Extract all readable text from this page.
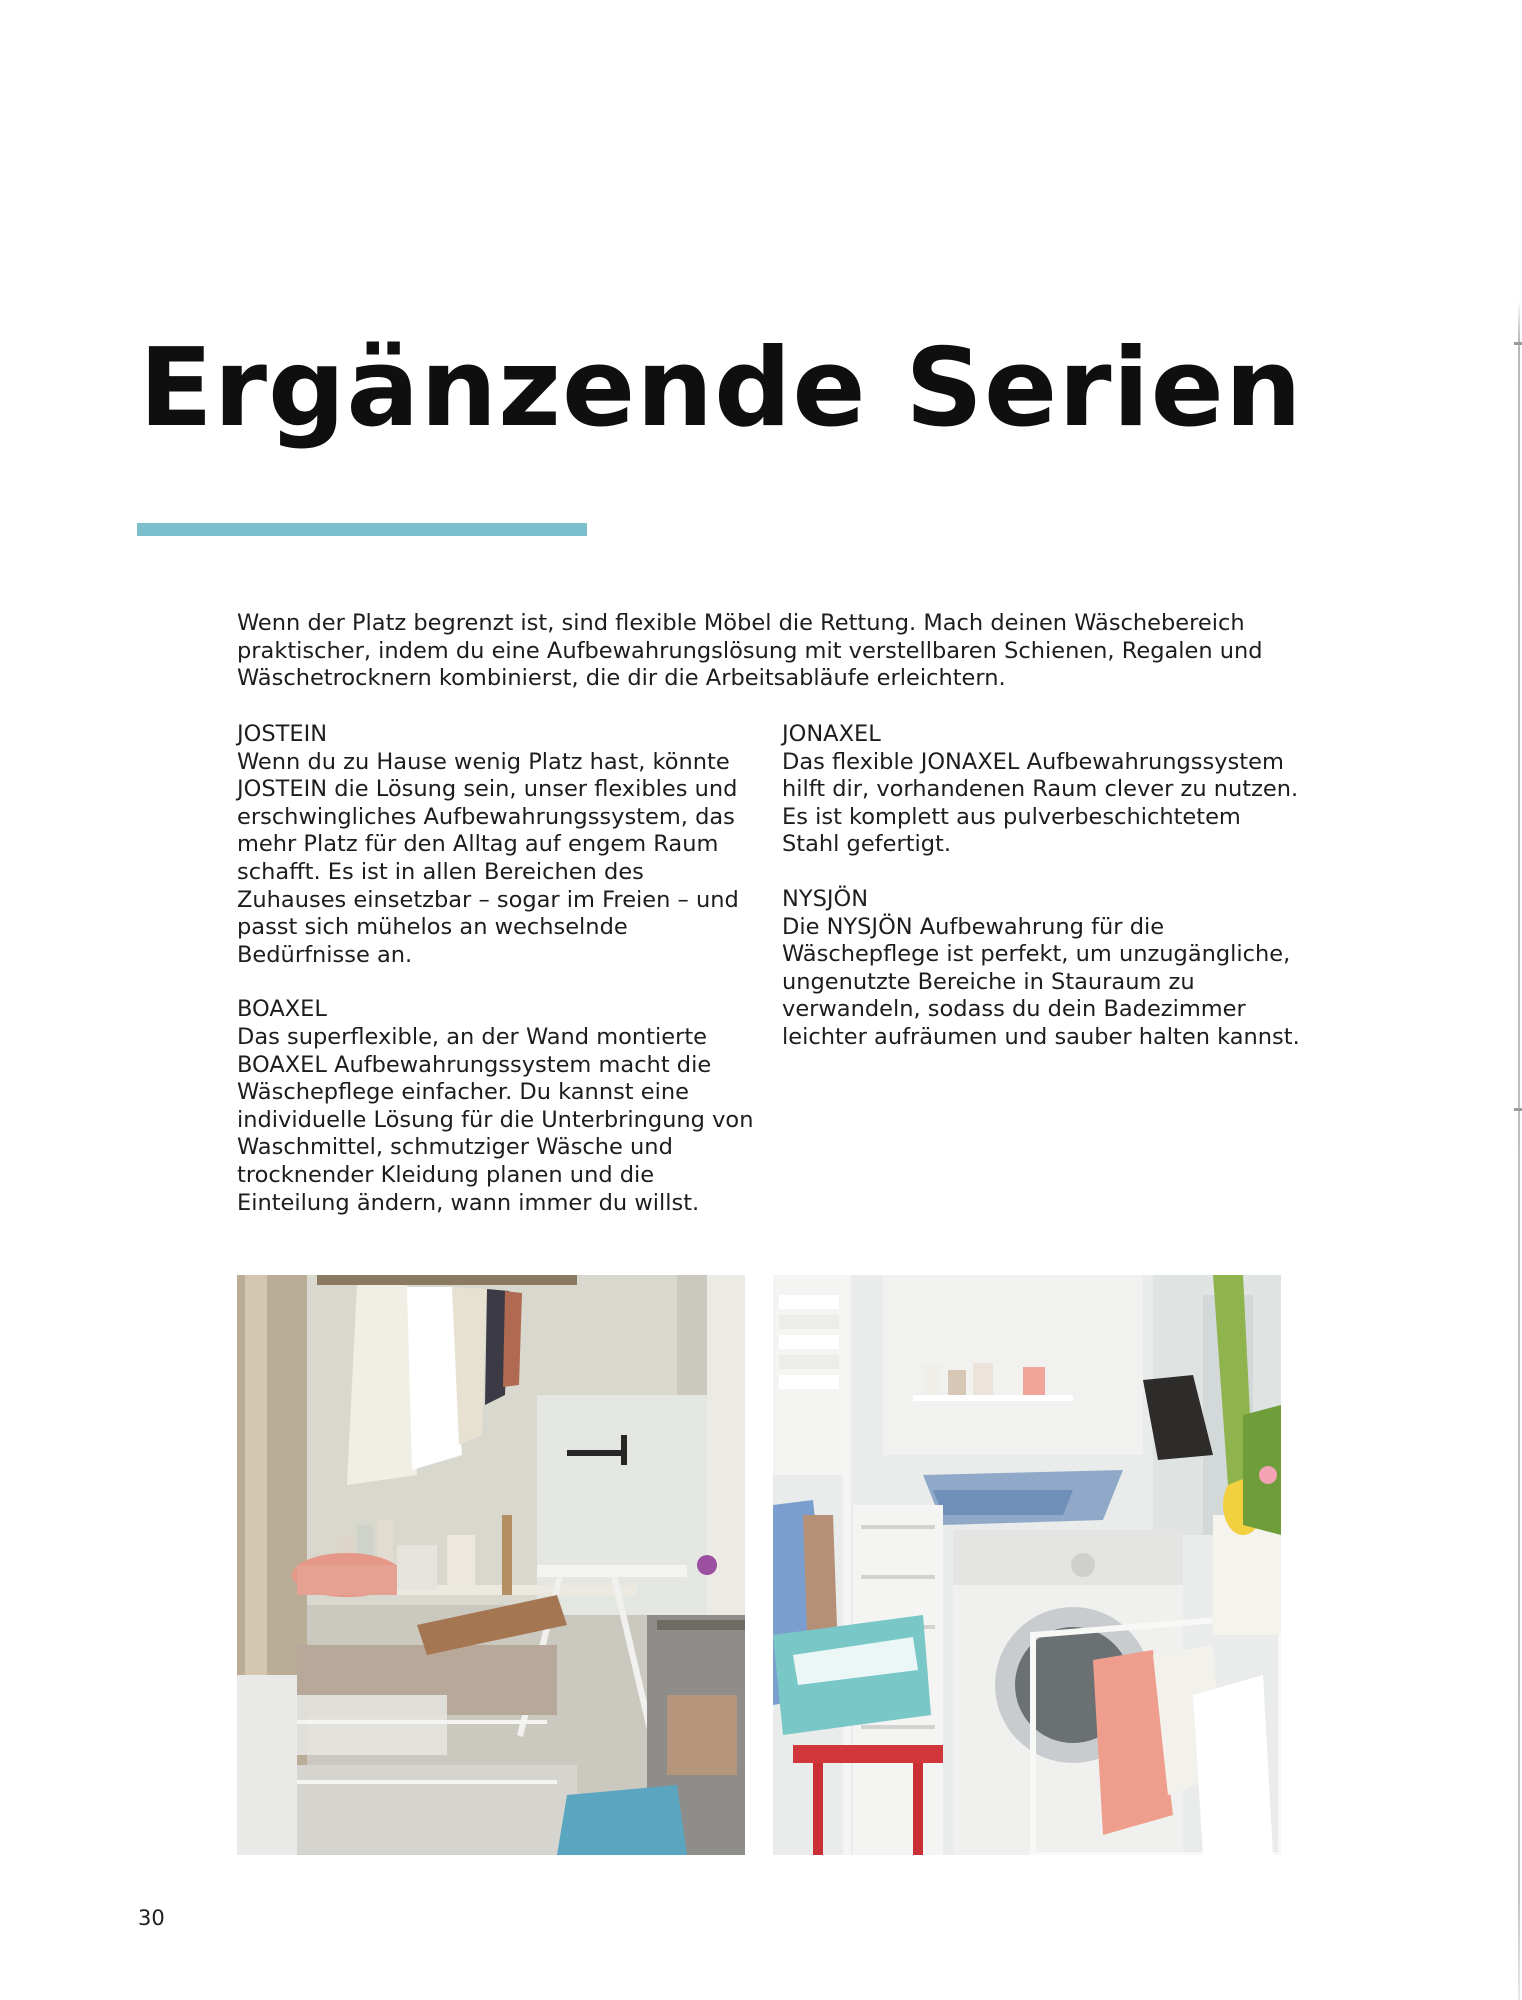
Ergänzende Serien

Wenn der Platz begrenzt ist, sind flexible Möbel die Rettung. Mach deinen Wäschebereich praktischer, indem du eine Aufbewahrungslösung mit verstellbaren Schienen, Regalen und Wäschetrocknern kombinierst, die dir die Arbeitsabläufe erleichtern.

JOSTEIN

Wenn du zu Hause wenig Platz hast, könnte JOSTEIN die Lösung sein, unser flexibles und erschwingliches Aufbewahrungssystem, das mehr Platz für den Alltag auf engem Raum schafft. Es ist in allen Bereichen des Zuhauses einsetzbar – sogar im Freien – und passt sich mühelos an wechselnde Bedürfnisse an.

BOAXEL

Das superflexible, an der Wand montierte BOAXEL Aufbewahrungssystem macht die Wäschepflege einfacher. Du kannst eine individuelle Lösung für die Unterbringung von Waschmittel, schmutziger Wäsche und trocknender Kleidung planen und die Einteilung ändern, wann immer du willst.

JONAXEL

Das flexible JONAXEL Aufbewahrungssystem hilft dir, vorhandenen Raum clever zu nutzen. Es ist komplett aus pulverbeschichtetem Stahl gefertigt.

NYSJÖN

Die NYSJÖN Aufbewahrung für die Wäschepflege ist perfekt, um unzugängliche, ungenutzte Bereiche in Stauraum zu verwandeln, sodass du dein Badezimmer leichter aufräumen und sauber halten kannst.

30
